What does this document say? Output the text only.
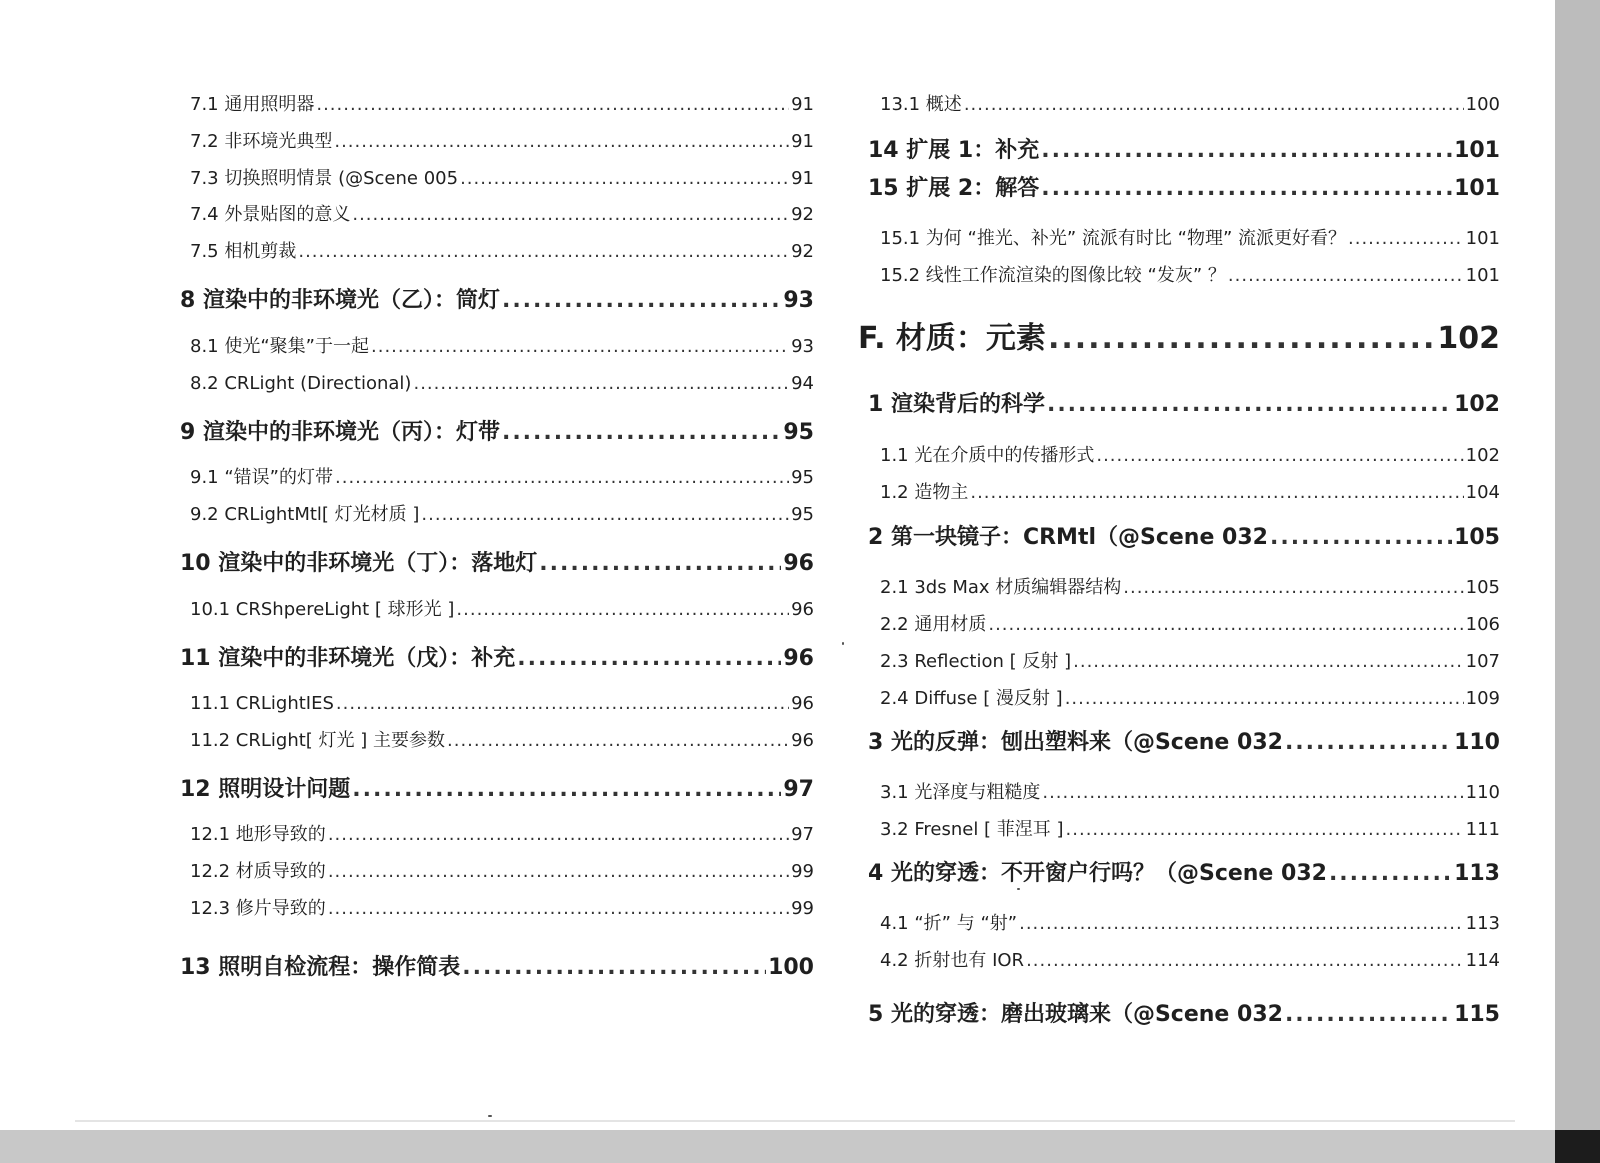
7.1 通用照明器 .....	91
7.2 非环境光典型 .....	91
7.3 切换照明情景 (@Scene 005 .....	91
7.4 外景贴图的意义 .....	92
7.5 相机剪裁 .....	92
8 渲染中的非环境光（乙）：筒灯 .....	93
8.1 使光“聚集”于一起 .....	93
8.2 CRLight (Directional) .....	94
9 渲染中的非环境光（丙）：灯带 .....	95
9.1 “错误”的灯带 .....	95
9.2 CRLightMtl[ 灯光材质 ] .....	95
10 渲染中的非环境光（丁）：落地灯 .....	96
10.1 CRShpereLight [ 球形光 ] .....	96
11 渲染中的非环境光（戊）：补充 .....	96
11.1 CRLightIES .....	96
11.2 CRLight[ 灯光 ] 主要参数 .....	96
12 照明设计问题 .....	97
12.1 地形导致的 .....	97
12.2 材质导致的 .....	99
12.3 修片导致的 .....	99
13 照明自检流程：操作简表 .....	100
13.1 概述 .....	100
14 扩展 1：补充 .....	101
15 扩展 2：解答 .....	101
15.1 为何 “推光、补光” 流派有时比 “物理” 流派更好看？ .....	101
15.2 线性工作流渲染的图像比较 “发灰” ？ .....	101
F. 材质：元素 .....	102
1 渲染背后的科学 .....	102
1.1 光在介质中的传播形式 .....	102
1.2 造物主 .....	104
2 第一块镜子：CRMtl（@Scene 032 .....	105
2.1 3ds Max 材质编辑器结构 .....	105
2.2 通用材质 .....	106
2.3 Reflection [ 反射 ] .....	107
2.4 Diffuse [ 漫反射 ] .....	109
3 光的反弹：刨出塑料来（@Scene 032 .....	110
3.1 光泽度与粗糙度 .....	110
3.2 Fresnel [ 菲涅耳 ] .....	111
4 光的穿透：不开窗户行吗？（@Scene 032 .....	113
4.1 “折” 与 “射” .....	113
4.2 折射也有 IOR .....	114
5 光的穿透：磨出玻璃来（@Scene 032 .....	115
